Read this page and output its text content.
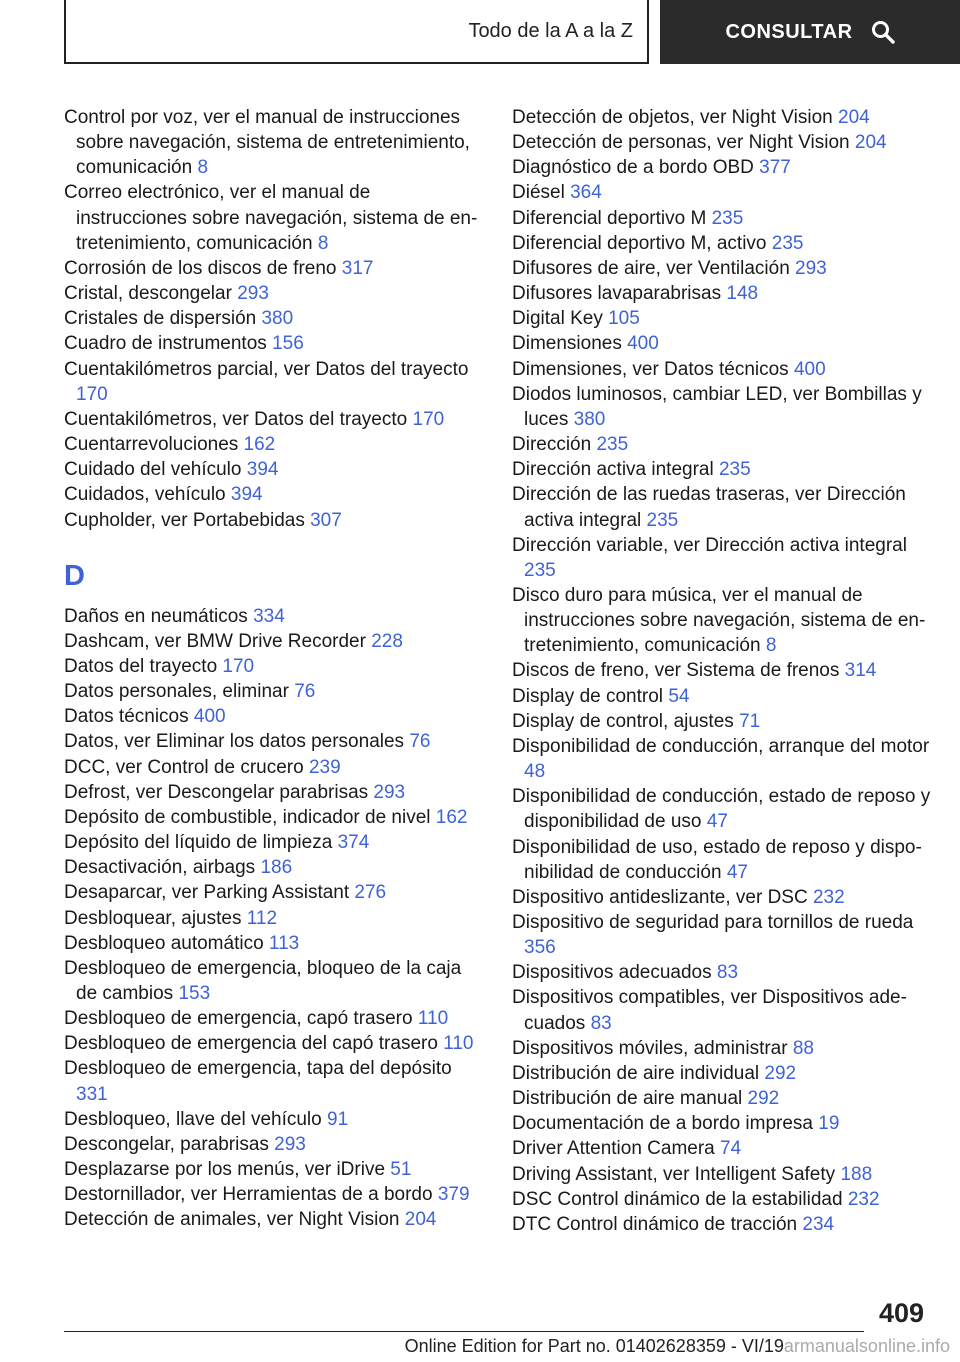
Todo de la A a la Z	CONSULTAR
Control por voz, ver el manual de instrucciones sobre navegación, sistema de entretenimiento, comunicación 8
Correo electrónico, ver el manual de instrucciones sobre navegación, sistema de entretenimiento, comunicación 8
Corrosión de los discos de freno 317
Cristal, descongelar 293
Cristales de dispersión 380
Cuadro de instrumentos 156
Cuentakilómetros parcial, ver Datos del trayecto 170
Cuentakilómetros, ver Datos del trayecto 170
Cuentarrevoluciones 162
Cuidado del vehículo 394
Cuidados, vehículo 394
Cupholder, ver Portabebidas 307
D
Daños en neumáticos 334
Dashcam, ver BMW Drive Recorder 228
Datos del trayecto 170
Datos personales, eliminar 76
Datos técnicos 400
Datos, ver Eliminar los datos personales 76
DCC, ver Control de crucero 239
Defrost, ver Descongelar parabrisas 293
Depósito de combustible, indicador de nivel 162
Depósito del líquido de limpieza 374
Desactivación, airbags 186
Desaparcar, ver Parking Assistant 276
Desbloquear, ajustes 112
Desbloqueo automático 113
Desbloqueo de emergencia, bloqueo de la caja de cambios 153
Desbloqueo de emergencia, capó trasero 110
Desbloqueo de emergencia del capó trasero 110
Desbloqueo de emergencia, tapa del depósito 331
Desbloqueo, llave del vehículo 91
Descongelar, parabrisas 293
Desplazarse por los menús, ver iDrive 51
Destornillador, ver Herramientas de a bordo 379
Detección de animales, ver Night Vision 204
Detección de objetos, ver Night Vision 204
Detección de personas, ver Night Vision 204
Diagnóstico de a bordo OBD 377
Diésel 364
Diferencial deportivo M 235
Diferencial deportivo M, activo 235
Difusores de aire, ver Ventilación 293
Difusores lavaparabrisas 148
Digital Key 105
Dimensiones 400
Dimensiones, ver Datos técnicos 400
Diodos luminosos, cambiar LED, ver Bombillas y luces 380
Dirección 235
Dirección activa integral 235
Dirección de las ruedas traseras, ver Dirección activa integral 235
Dirección variable, ver Dirección activa integral 235
Disco duro para música, ver el manual de instrucciones sobre navegación, sistema de entretenimiento, comunicación 8
Discos de freno, ver Sistema de frenos 314
Display de control 54
Display de control, ajustes 71
Disponibilidad de conducción, arranque del motor 48
Disponibilidad de conducción, estado de reposo y disponibilidad de uso 47
Disponibilidad de uso, estado de reposo y disponibilidad de conducción 47
Dispositivo antideslizante, ver DSC 232
Dispositivo de seguridad para tornillos de rueda 356
Dispositivos adecuados 83
Dispositivos compatibles, ver Dispositivos adecuados 83
Dispositivos móviles, administrar 88
Distribución de aire individual 292
Distribución de aire manual 292
Documentación de a bordo impresa 19
Driver Attention Camera 74
Driving Assistant, ver Intelligent Safety 188
DSC Control dinámico de la estabilidad 232
DTC Control dinámico de tracción 234
409
Online Edition for Part no. 01402628359 - VI/19armanualsonline.info
